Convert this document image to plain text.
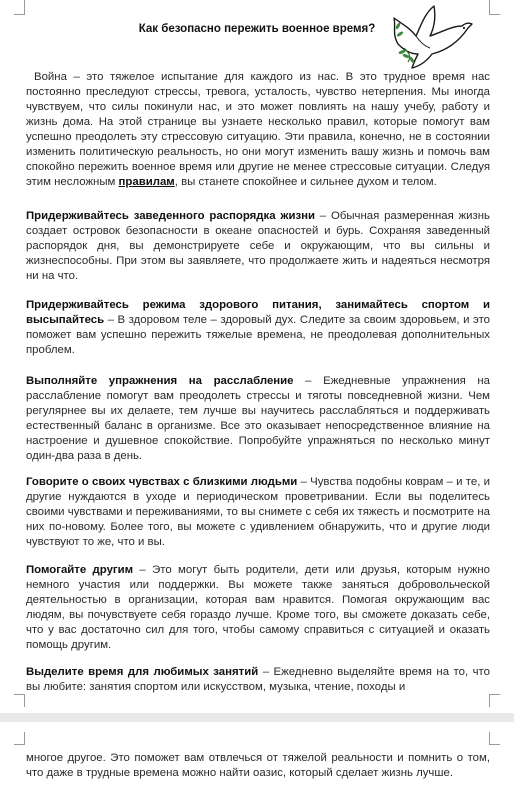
Как безопасно пережить военное время?
Война – это тяжелое испытание для каждого из нас. В это трудное время нас постоянно преследуют стрессы, тревога, усталость, чувство нетерпения. Мы иногда чувствуем, что силы покинули нас, и это может повлиять на нашу учебу, работу и жизнь дома. На этой странице вы узнаете несколько правил, которые помогут вам успешно преодолеть эту стрессовую ситуацию. Эти правила, конечно, не в состоянии изменить политическую реальность, но они могут изменить вашу жизнь и помочь вам спокойно пережить военное время или другие не менее стрессовые ситуации. Следуя этим несложным правилам, вы станете спокойнее и сильнее духом и телом.
Придерживайтесь заведенного распорядка жизни – Обычная размеренная жизнь создает островок безопасности в океане опасностей и бурь. Сохраняя заведенный распорядок дня, вы демонстрируете себе и окружающим, что вы сильны и жизнеспособны. При этом вы заявляете, что продолжаете жить и надеяться несмотря ни на что.
Придерживайтесь режима здорового питания, занимайтесь спортом и высыпайтесь – В здоровом теле – здоровый дух. Следите за своим здоровьем, и это поможет вам успешно пережить тяжелые времена, не преодолевая дополнительных проблем.
Выполняйте упражнения на расслабление – Ежедневные упражнения на расслабление помогут вам преодолеть стрессы и тяготы повседневной жизни. Чем регулярнее вы их делаете, тем лучше вы научитесь расслабляться и поддерживать естественный баланс в организме. Все это оказывает непосредственное влияние на настроение и душевное спокойствие. Попробуйте упражняться по несколько минут один-два раза в день.
Говорите о своих чувствах с близкими людьми – Чувства подобны коврам – и те, и другие нуждаются в уходе и периодическом проветривании. Если вы поделитесь своими чувствами и переживаниями, то вы снимете с себя их тяжесть и посмотрите на них по-новому. Более того, вы можете с удивлением обнаружить, что и другие люди чувствуют то же, что и вы.
Помогайте другим – Это могут быть родители, дети или друзья, которым нужно немного участия или поддержки. Вы можете также заняться добровольческой деятельностью в организации, которая вам нравится. Помогая окружающим вас людям, вы почувствуете себя гораздо лучше. Кроме того, вы сможете доказать себе, что у вас достаточно сил для того, чтобы самому справиться с ситуацией и оказать помощь другим.
Выделите время для любимых занятий – Ежедневно выделяйте время на то, что вы любите: занятия спортом или искусством, музыка, чтение, походы и
многое другое. Это поможет вам отвлечься от тяжелой реальности и помнить о том, что даже в трудные времена можно найти оазис, который сделает жизнь лучше.
